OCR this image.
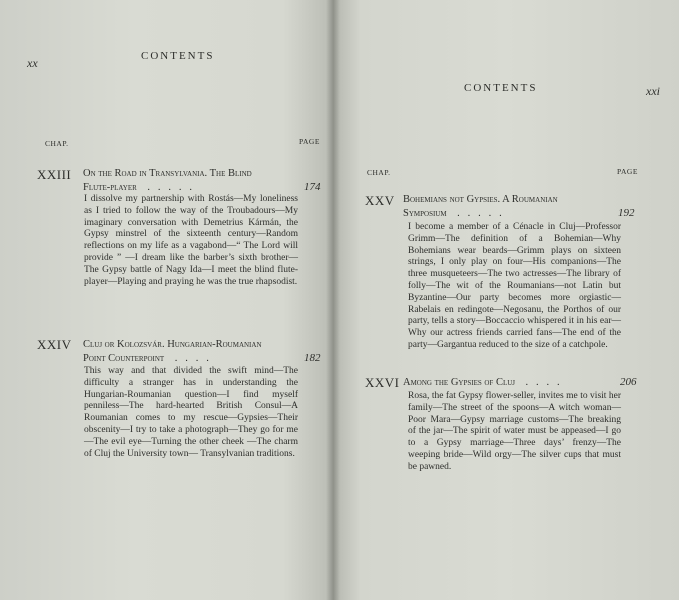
xx	CONTENTS
CHAP.	PAGE
XXIII On the Road in Transylvania. The Blind
Flute-player    .   .   .   .   .	174
I dissolve my partnership with Rostás—My loneliness as I tried to follow the way of the Troubadours—My imaginary conversation with Demetrius Kármán, the Gypsy minstrel of the sixteenth century—Random reflections on my life as a vagabond—“ The Lord will provide ” —I dream like the barber’s sixth brother—The Gypsy battle of Nagy Ida—I meet the blind flute-player—Playing and praying he was the true rhapsodist.
XXIV Cluj or Kolozsvár. Hungarian-Roumanian
Point Counterpoint    .   .   .   .	182
This way and that divided the swift mind—The difficulty a stranger has in understanding the Hungarian-Roumanian question—I find myself penniless—The hard-hearted British Consul—A Roumanian comes to my rescue—Gypsies—Their obscenity—I try to take a photograph—They go for me—The evil eye—Turning the other cheek —The charm of Cluj the University town— Transylvanian traditions.
CONTENTS	xxi
CHAP.	PAGE
XXV Bohemians not Gypsies. A Roumanian
Symposium    .   .   .   .   .	192
I become a member of a Cénacle in Cluj—Professor Grimm—The definition of a Bohemian—Why Bohemians wear beards—Grimm plays on sixteen strings, I only play on four—His companions—The three musqueteers—The two actresses—The library of folly—The wit of the Roumanians—not Latin but Byzantine—Our party becomes more orgiastic—Rabelais en redingote—Negosanu, the Porthos of our party, tells a story—Boccaccio whispered it in his ear—Why our actress friends carried fans—The end of the party—Gargantua reduced to the size of a catchpole.
XXVI Among the Gypsies of Cluj    .   .   .   .	206
Rosa, the fat Gypsy flower-seller, invites me to visit her family—The street of the spoons—A witch woman—Poor Mara—Gypsy marriage customs—The breaking of the jar—The spirit of water must be appeased—I go to a Gypsy marriage—Three days’ frenzy—The weeping bride—Wild orgy—The silver cups that must be pawned.
